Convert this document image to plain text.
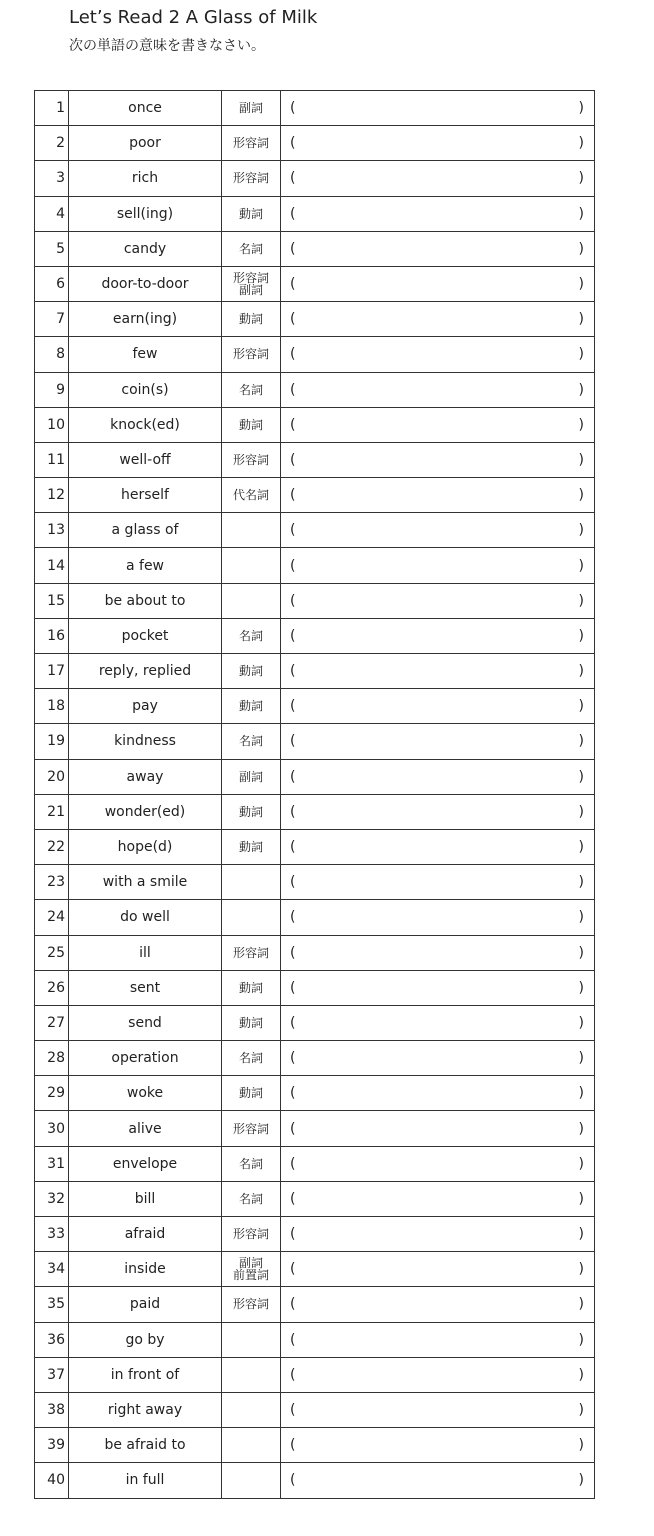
Let’s Read 2 A Glass of Milk
次の単語の意味を書きなさい。
1	once	副詞	( )

2	poor	形容詞	( )

3	rich	形容詞	( )

4	sell(ing)	動詞	( )

5	candy	名詞	( )

6	door-to-door	形容詞
副詞	( )

7	earn(ing)	動詞	( )

8	few	形容詞	( )

9	coin(s)	名詞	( )

10	knock(ed)	動詞	( )

11	well-off	形容詞	( )

12	herself	代名詞	( )

13	a glass of		( )

14	a few		( )

15	be about to		( )

16	pocket	名詞	( )

17	reply, replied	動詞	( )

18	pay	動詞	( )

19	kindness	名詞	( )

20	away	副詞	( )

21	wonder(ed)	動詞	( )

22	hope(d)	動詞	( )

23	with a smile		( )

24	do well		( )

25	ill	形容詞	( )

26	sent	動詞	( )

27	send	動詞	( )

28	operation	名詞	( )

29	woke	動詞	( )

30	alive	形容詞	( )

31	envelope	名詞	( )

32	bill	名詞	( )

33	afraid	形容詞	( )

34	inside	副詞
前置詞	( )

35	paid	形容詞	( )

36	go by		( )

37	in front of		( )

38	right away		( )

39	be afraid to		( )

40	in full		( )
